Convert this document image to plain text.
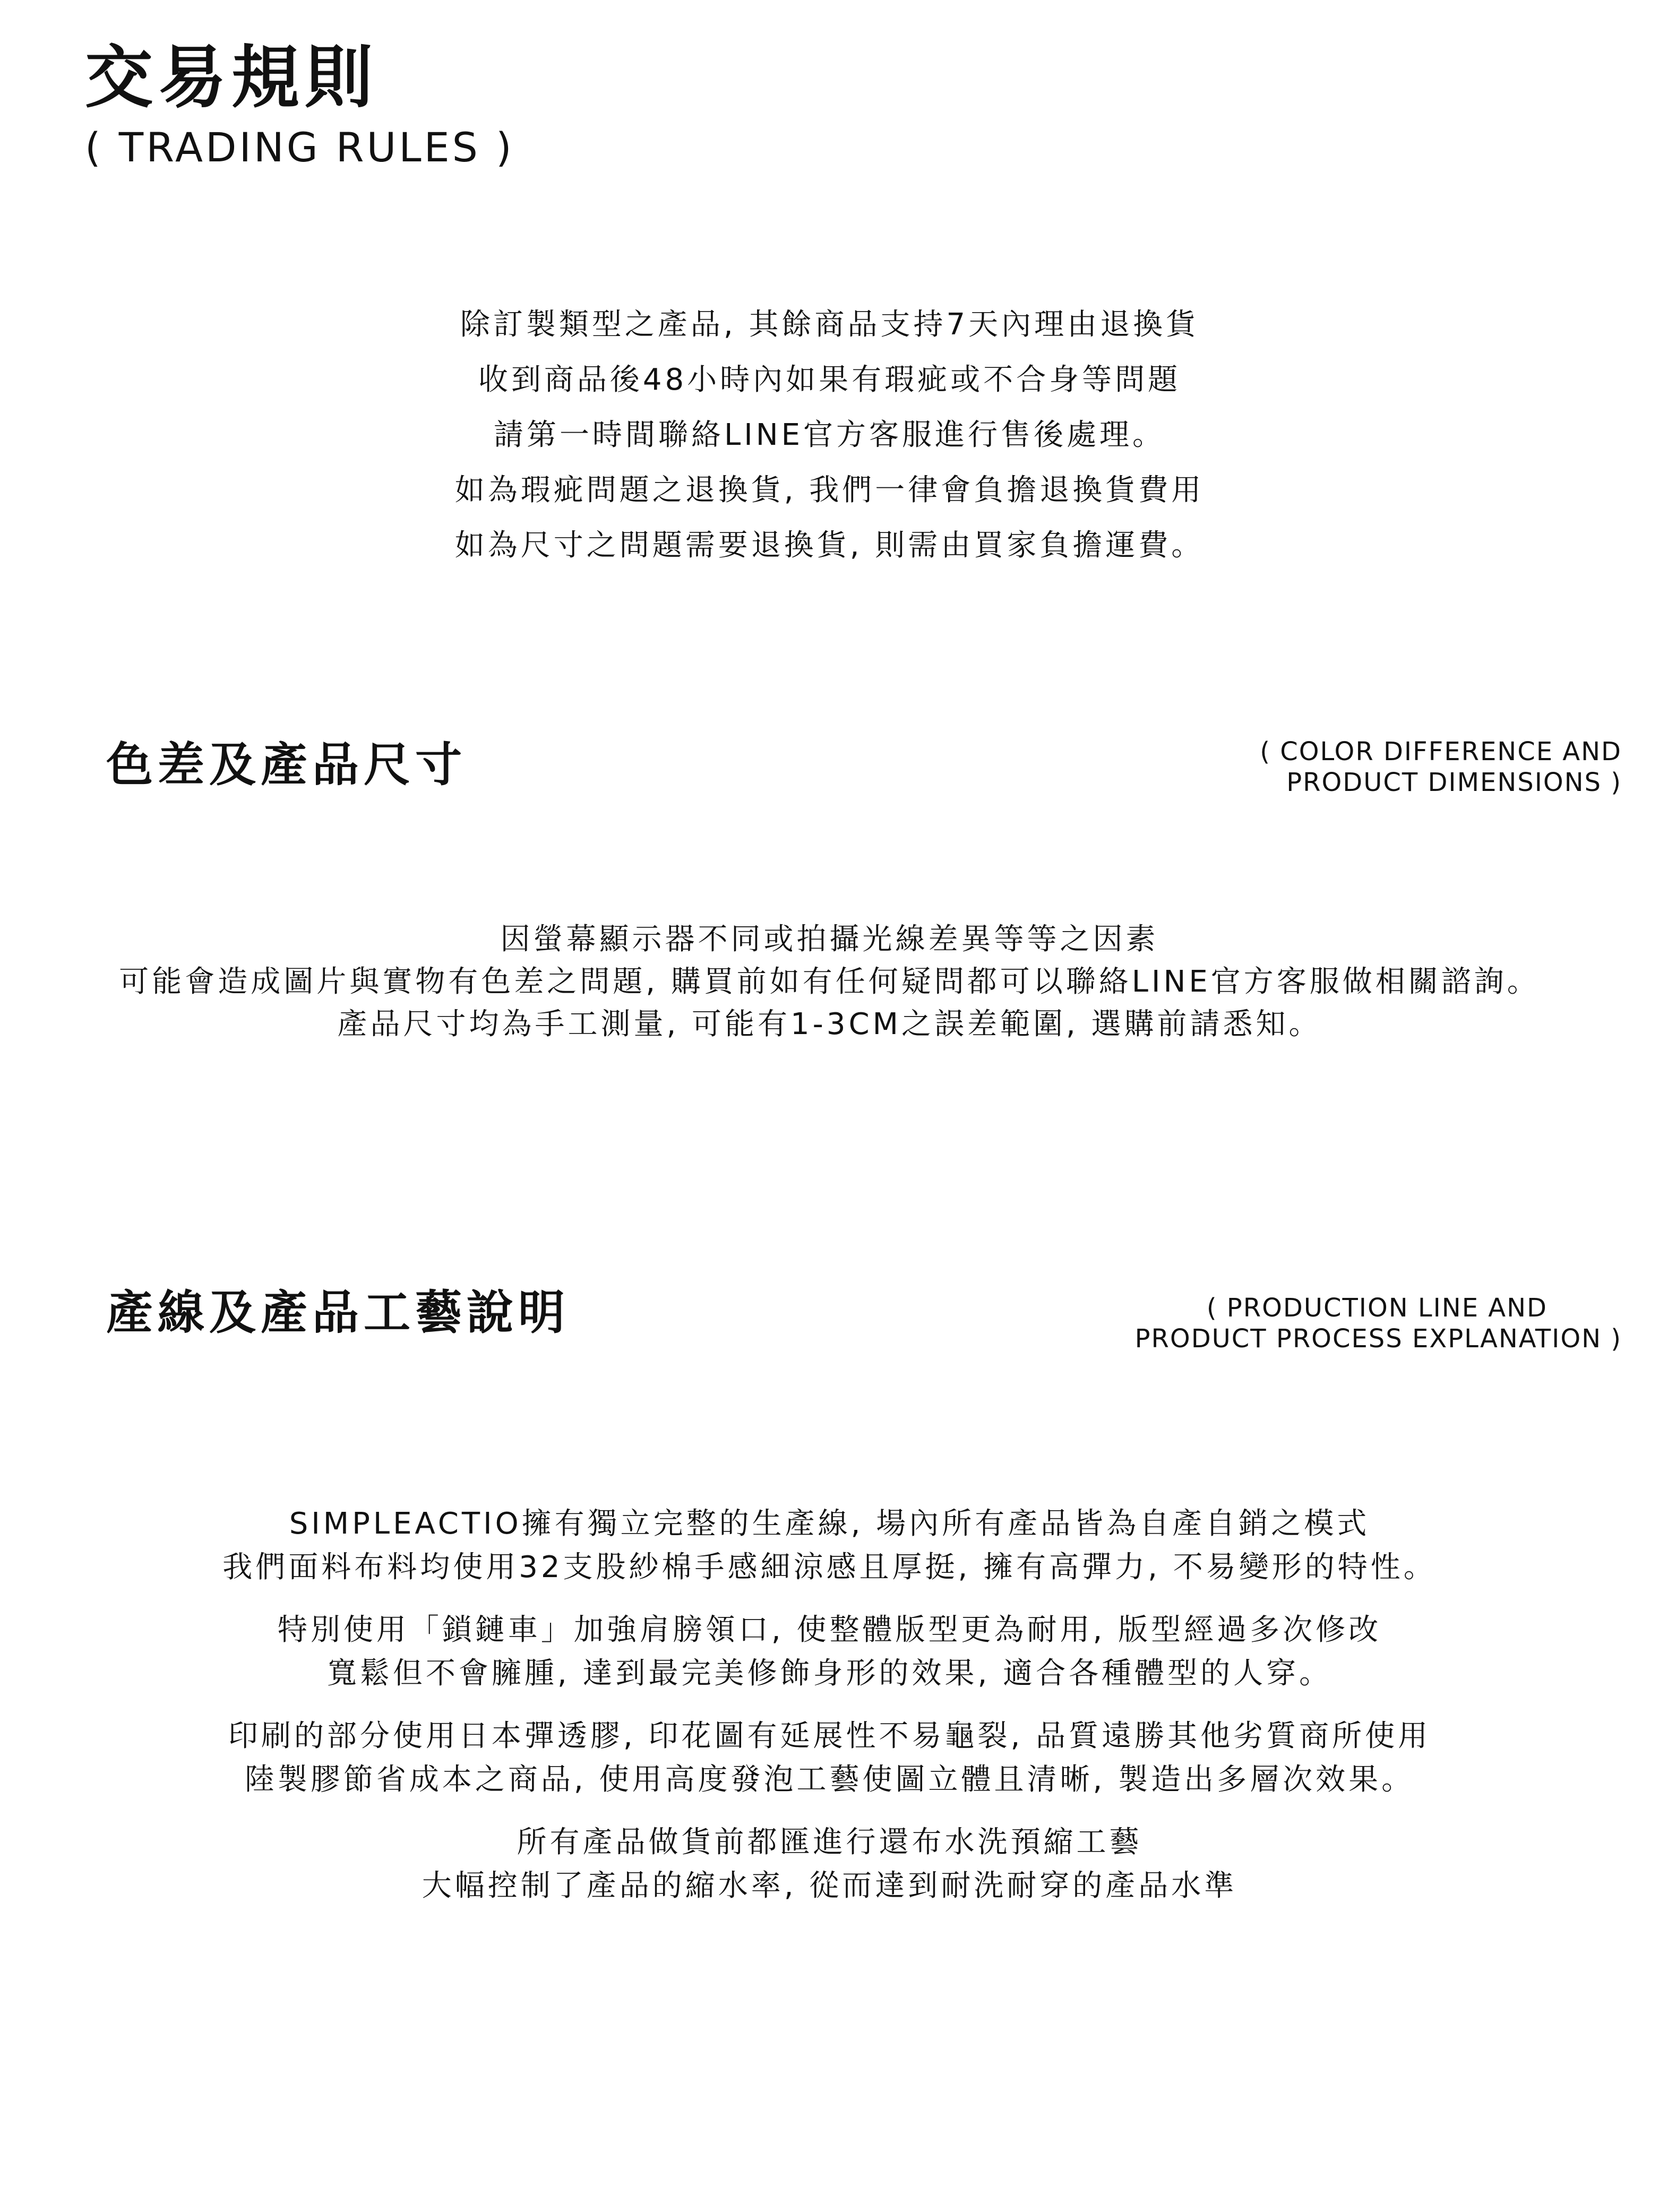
交易規則
( TRADING RULES )

除訂製類型之產品, 其餘商品支持7天內理由退換貨

收到商品後48小時內如果有瑕疵或不合身等問題

請第一時間聯絡LINE官方客服進行售後處理。

如為瑕疵問題之退換貨, 我們一律會負擔退換貨費用

如為尺寸之問題需要退換貨, 則需由買家負擔運費。

色差及產品尺寸	( COLOR DIFFERENCE AND
PRODUCT DIMENSIONS )

因螢幕顯示器不同或拍攝光線差異等等之因素

可能會造成圖片與實物有色差之問題, 購買前如有任何疑問都可以聯絡LINE官方客服做相關諮詢。

產品尺寸均為手工測量, 可能有1-3CM之誤差範圍, 選購前請悉知。

產線及產品工藝說明	( PRODUCTION LINE AND
PRODUCT PROCESS EXPLANATION )

SIMPLEACTIO擁有獨立完整的生產線, 場內所有產品皆為自產自銷之模式

我們面料布料均使用32支股紗棉手感細涼感且厚挺, 擁有高彈力, 不易變形的特性。

特別使用「鎖鏈車」加強肩膀領口, 使整體版型更為耐用, 版型經過多次修改

寬鬆但不會臃腫, 達到最完美修飾身形的效果, 適合各種體型的人穿。

印刷的部分使用日本彈透膠, 印花圖有延展性不易龜裂, 品質遠勝其他劣質商所使用

陸製膠節省成本之商品, 使用高度發泡工藝使圖立體且清晰, 製造出多層次效果。

所有產品做貨前都匯進行還布水洗預縮工藝

大幅控制了產品的縮水率, 從而達到耐洗耐穿的產品水準
